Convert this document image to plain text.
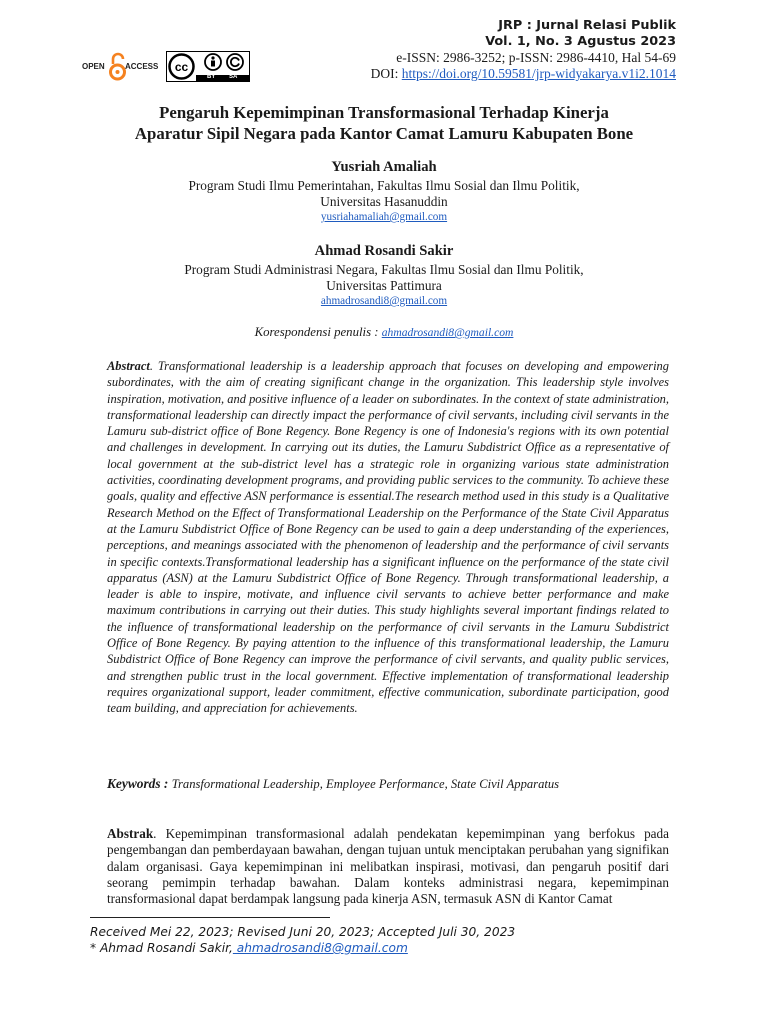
OPEN	ACCESS cc
BY SA
JRP : Jurnal Relasi Publik
Vol. 1, No. 3 Agustus 2023
e-ISSN: 2986-3252; p-ISSN: 2986-4410, Hal 54-69
DOI: https://doi.org/10.59581/jrp-widyakarya.v1i2.1014
Pengaruh Kepemimpinan Transformasional Terhadap Kinerja
Aparatur Sipil Negara pada Kantor Camat Lamuru Kabupaten Bone
Yusriah Amaliah
Program Studi Ilmu Pemerintahan, Fakultas Ilmu Sosial dan Ilmu Politik,
Universitas Hasanuddin
yusriahamaliah@gmail.com
Ahmad Rosandi Sakir
Program Studi Administrasi Negara, Fakultas Ilmu Sosial dan Ilmu Politik,
Universitas Pattimura
ahmadrosandi8@gmail.com
Korespondensi penulis : ahmadrosandi8@gmail.com
Abstract. Transformational leadership is a leadership approach that focuses on developing and empowering subordinates, with the aim of creating significant change in the organization. This leadership style involves inspiration, motivation, and positive influence of a leader on subordinates. In the context of state administration, transformational leadership can directly impact the performance of civil servants, including civil servants in the Lamuru sub-district office of Bone Regency. Bone Regency is one of Indonesia's regions with its own potential and challenges in development. In carrying out its duties, the Lamuru Subdistrict Office as a representative of local government at the sub-district level has a strategic role in organizing various state administration activities, coordinating development programs, and providing public services to the community. To achieve these goals, quality and effective ASN performance is essential.The research method used in this study is a Qualitative Research Method on the Effect of Transformational Leadership on the Performance of the State Civil Apparatus at the Lamuru Subdistrict Office of Bone Regency can be used to gain a deep understanding of the experiences, perceptions, and meanings associated with the phenomenon of leadership and the performance of civil servants in specific contexts.Transformational leadership has a significant influence on the performance of the state civil apparatus (ASN) at the Lamuru Subdistrict Office of Bone Regency. Through transformational leadership, a leader is able to inspire, motivate, and influence civil servants to achieve better performance and make maximum contributions in carrying out their duties. This study highlights several important findings related to the influence of transformational leadership on the performance of civil servants in the Lamuru Subdistrict Office of Bone Regency. By paying attention to the influence of this transformational leadership, the Lamuru Subdistrict Office of Bone Regency can improve the performance of civil servants, and quality public services, and strengthen public trust in the local government. Effective implementation of transformational leadership requires organizational support, leader commitment, effective communication, subordinate participation, good team building, and appreciation for achievements.
Keywords : Transformational Leadership, Employee Performance, State Civil Apparatus
Abstrak. Kepemimpinan transformasional adalah pendekatan kepemimpinan yang berfokus pada pengembangan dan pemberdayaan bawahan, dengan tujuan untuk menciptakan perubahan yang signifikan dalam organisasi. Gaya kepemimpinan ini melibatkan inspirasi, motivasi, dan pengaruh positif dari seorang pemimpin terhadap bawahan. Dalam konteks administrasi negara, kepemimpinan transformasional dapat berdampak langsung pada kinerja ASN, termasuk ASN di Kantor Camat
Received Mei 22, 2023; Revised Juni 20, 2023; Accepted Juli 30, 2023
* Ahmad Rosandi Sakir, ahmadrosandi8@gmail.com
